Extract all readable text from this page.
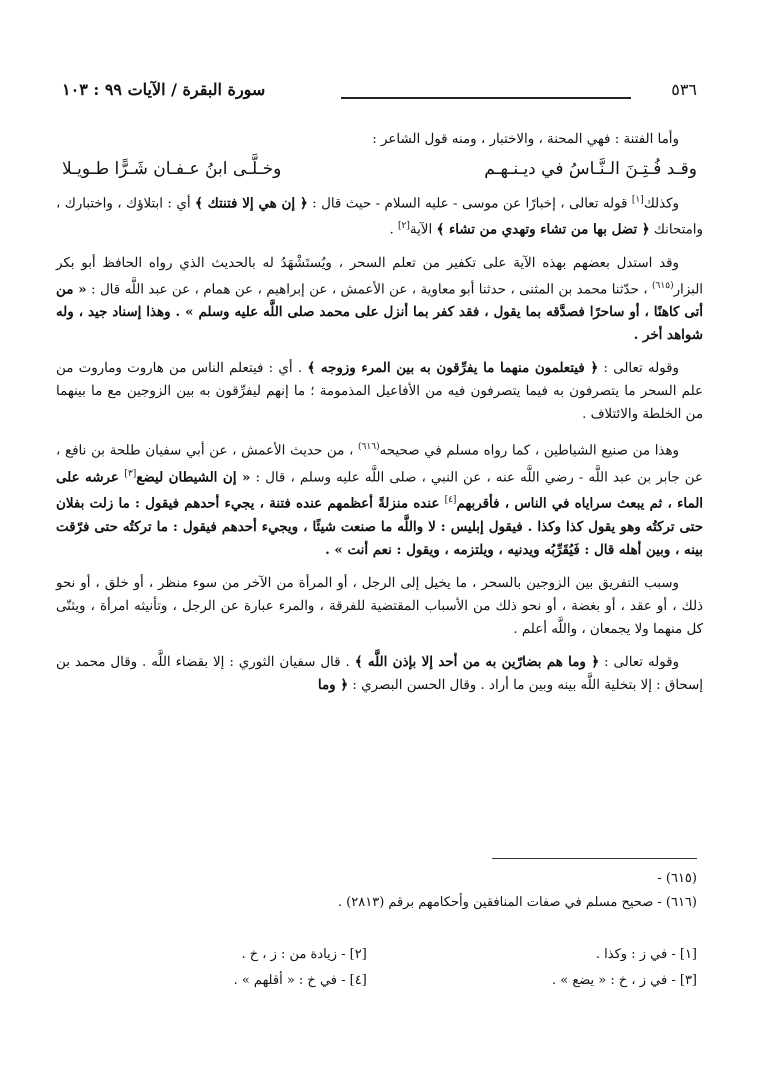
٥٣٦
سورة البقرة / الآيات ٩٩ : ١٠٣

وأما الفتنة : فهي المحنة ، والاختبار ، ومنه قول الشاعر :

وقـد فُـتِـنَ الـنَّـاسُ في ديـنـهـم
وخـلَّـى ابنُ عـفـان شَـرًّا طـويـلا

وكذلك[١] قوله تعالى ، إخبارًا عن موسى - عليه السلام - حيث قال : ﴿ إن هي إلا فتنتك ﴾ أي : ابتلاؤك ، واختبارك ، وامتحانك ﴿ تضل بها من تشاء وتهدي من تشاء ﴾ الآية[٢] .

وقد استدل بعضهم بهذه الآية على تكفير من تعلم السحر ، ويُستَشْهَدُ له بالحديث الذي رواه الحافظ أبو بكر البزار$^{(٦١٥)}$ ، حدّثنا محمد بن المثنى ، حدثنا أبو معاوية ، عن الأعمش ، عن إبراهيم ، عن همام ، عن عبد اللَّه قال : « من أتى كاهنًا ، أو ساحرًا فصدَّقه بما يقول ، فقد كفر بما أنزل على محمد صلى اللَّه عليه وسلم » . وهذا إسناد جيد ، وله شواهد أخر .

وقوله تعالى : ﴿ فيتعلمون منهما ما يفرِّقون به بين المرء وزوجه ﴾ . أي : فيتعلم الناس من هاروت وماروت من علم السحر ما يتصرفون به فيما يتصرفون فيه من الأفاعيل المذمومة ؛ ما إنهم ليفرِّقون به بين الزوجين مع ما بينهما من الخلطة والائتلاف .

وهذا من صنيع الشياطين ، كما رواه مسلم في صحيحه$^{(٦١٦)}$ ، من حديث الأعمش ، عن أبي سفيان طلحة بن نافع ، عن جابر بن عبد اللَّه - رضي اللَّه عنه ، عن النبي ، صلى اللَّه عليه وسلم ، قال : « إن الشيطان ليضع[٣] عرشه على الماء ، ثم يبعث سراياه في الناس ، فأقربهم[٤] عنده منزلةً أعظمهم عنده فتنة ، يجيء أحدهم فيقول : ما زلت بفلان حتى تركتُه وهو يقول كذا وكذا . فيقول إبليس : لا واللَّه ما صنعت شيئًا ، ويجيء أحدهم فيقول : ما تركتُه حتى فرّقت بينه ، وبين أهله قال : فَيُقَرِّبُه ويدنيه ، ويلتزمه ، ويقول : نعم أنت » .

وسبب التفريق بين الزوجين بالسحر ، ما يخيل إلى الرجل ، أو المرأة من الآخر من سوء منظر ، أو خلق ، أو نحو ذلك ، أو عقد ، أو بغضة ، أو نحو ذلك من الأسباب المقتضية للفرقة ، والمرء عبارة عن الرجل ، وتأنيثه امرأة ، ويثنّى كل منهما ولا يجمعان ، واللَّه أعلم .

وقوله تعالى : ﴿ وما هم بضارّين به من أحد إلا بإذن اللَّه ﴾ . قال سفيان الثوري : إلا بقضاء اللَّه . وقال محمد بن إسحاق : إلا بتخلية اللَّه بينه وبين ما أراد . وقال الحسن البصري : ﴿ وما

(٦١٥) -

(٦١٦) - صحيح مسلم في صفات المنافقين وأحكامهم برقم (٢٨١٣) .

[١] - في ز : وكذا .
[٢] - زيادة من : ز ، خ .
[٣] - في ز ، خ : « يضع » .
[٤] - في خ : « أقلهم » .
